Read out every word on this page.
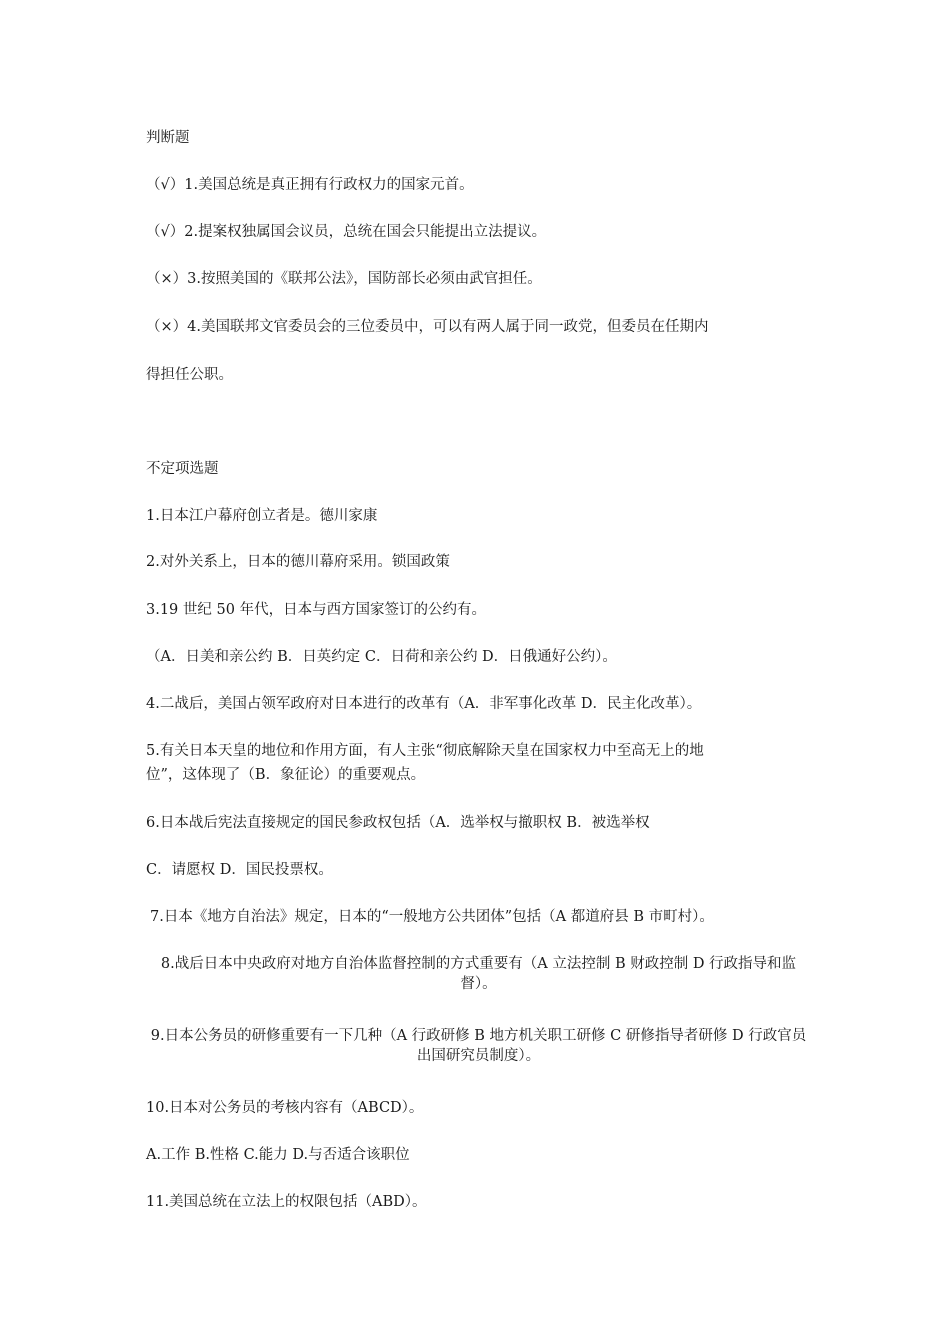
判断题
（√）1.美国总统是真正拥有行政权力的国家元首。
（√）2.提案权独属国会议员，总统在国会只能提出立法提议。
（×）3.按照美国的《联邦公法》，国防部长必须由武官担任。
（×）4.美国联邦文官委员会的三位委员中，可以有两人属于同一政党，但委员在任期内
得担任公职。
不定项选题
1.日本江户幕府创立者是。德川家康
2.对外关系上，日本的德川幕府采用。锁国政策
3.19 世纪 50 年代，日本与西方国家签订的公约有。
（A．日美和亲公约 B．日英约定 C．日荷和亲公约 D．日俄通好公约）。
4.二战后，美国占领军政府对日本进行的改革有（A．非军事化改革 D．民主化改革）。
5.有关日本天皇的地位和作用方面，有人主张“彻底解除天皇在国家权力中至高无上的地
位”，这体现了（B．象征论）的重要观点。
6.日本战后宪法直接规定的国民参政权包括（A．选举权与撤职权 B．被选举权
C．请愿权 D．国民投票权。
7.日本《地方自治法》规定，日本的“一般地方公共团体”包括（A 都道府县 B 市町村）。
8.战后日本中央政府对地方自治体监督控制的方式重要有（A 立法控制 B 财政控制 D 行政指导和监督）。
9.日本公务员的研修重要有一下几种（A 行政研修 B 地方机关职工研修 C 研修指导者研修 D 行政官员出国研究员制度）。
10.日本对公务员的考核内容有（ABCD）。
A.工作 B.性格 C.能力 D.与否适合该职位
11.美国总统在立法上的权限包括（ABD）。
